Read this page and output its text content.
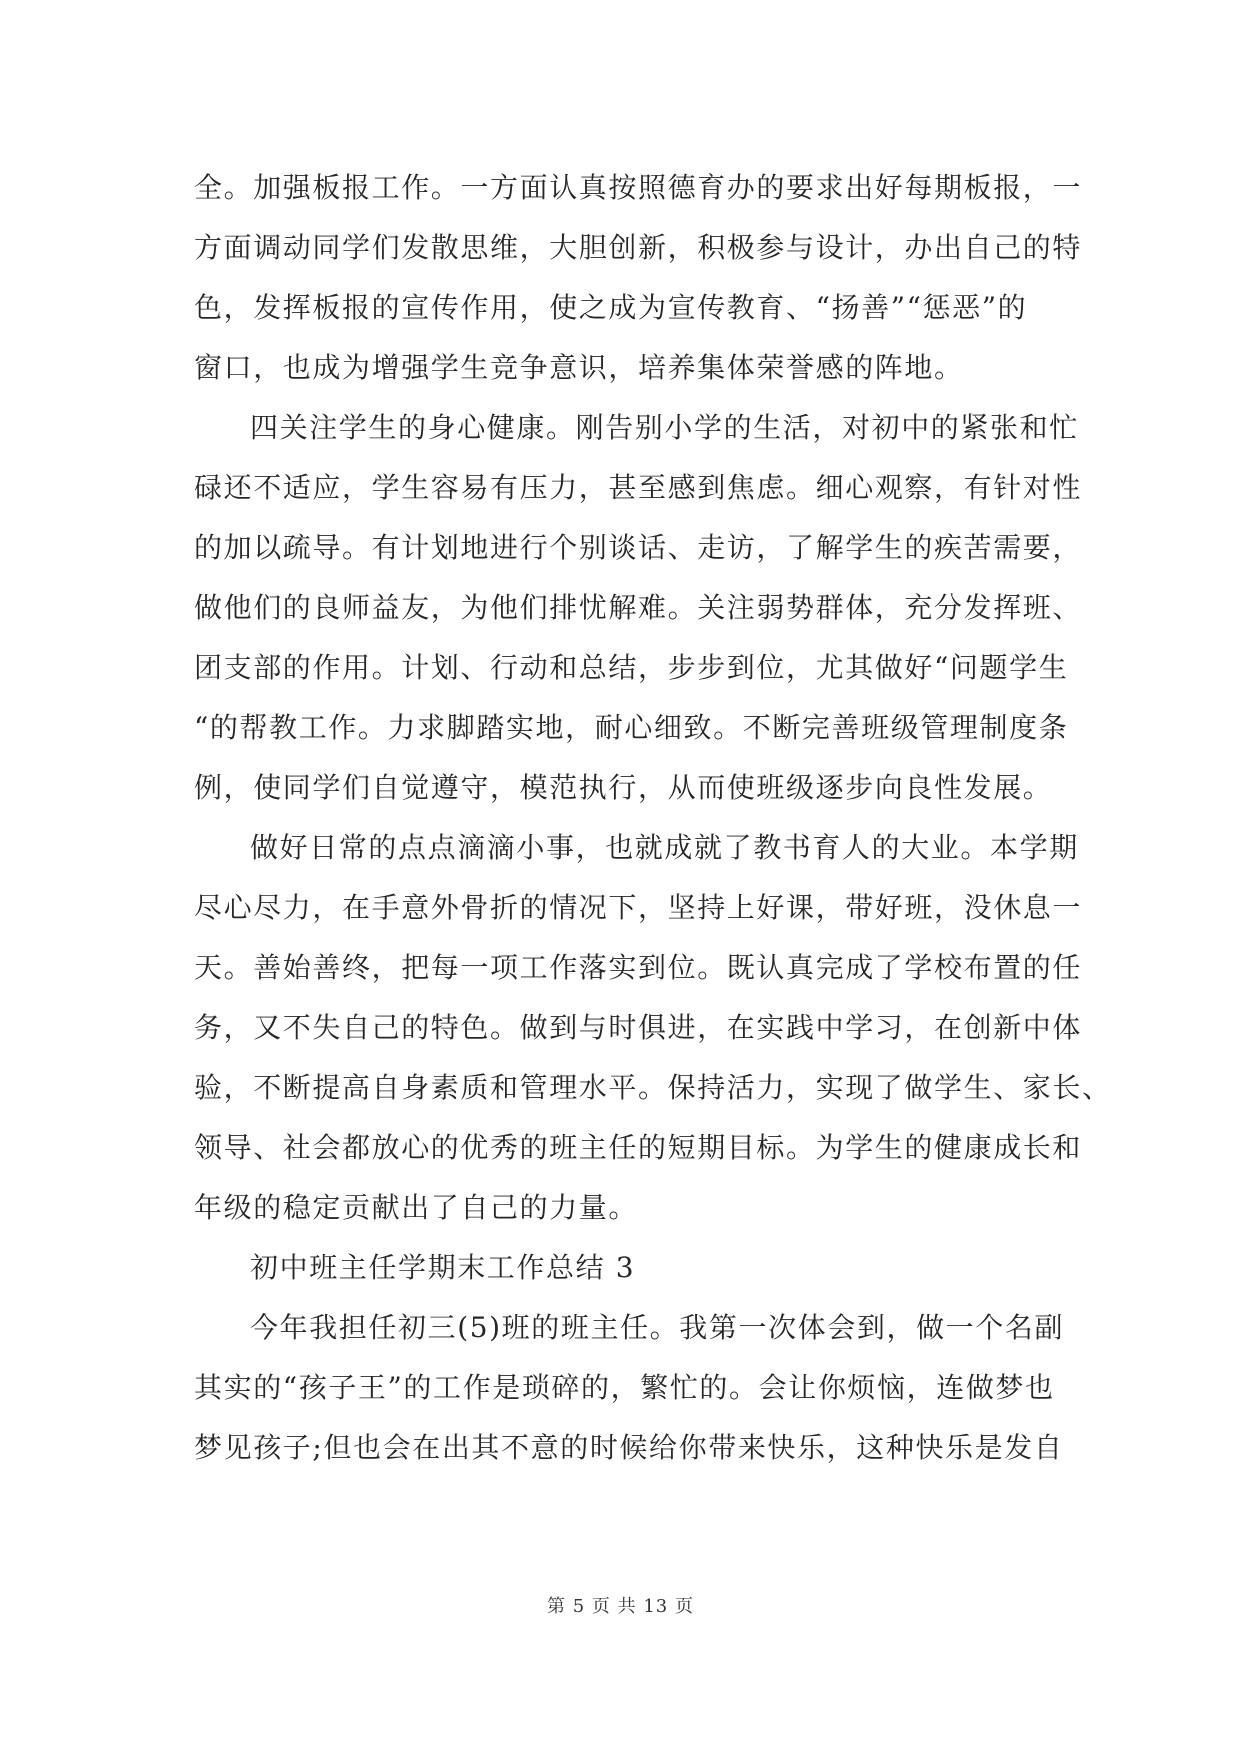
全。加强板报工作。一方面认真按照德育办的要求出好每期板报，一
方面调动同学们发散思维，大胆创新，积极参与设计，办出自己的特
色，发挥板报的宣传作用，使之成为宣传教育、“扬善”“惩恶”的
窗口，也成为增强学生竞争意识，培养集体荣誉感的阵地。
四关注学生的身心健康。刚告别小学的生活，对初中的紧张和忙
碌还不适应，学生容易有压力，甚至感到焦虑。细心观察，有针对性
的加以疏导。有计划地进行个别谈话、走访，了解学生的疾苦需要，
做他们的良师益友，为他们排忧解难。关注弱势群体，充分发挥班、
团支部的作用。计划、行动和总结，步步到位，尤其做好“问题学生
“的帮教工作。力求脚踏实地，耐心细致。不断完善班级管理制度条
例，使同学们自觉遵守，模范执行，从而使班级逐步向良性发展。
做好日常的点点滴滴小事，也就成就了教书育人的大业。本学期
尽心尽力，在手意外骨折的情况下，坚持上好课，带好班，没休息一
天。善始善终，把每一项工作落实到位。既认真完成了学校布置的任
务，又不失自己的特色。做到与时俱进，在实践中学习，在创新中体
验，不断提高自身素质和管理水平。保持活力，实现了做学生、家长、
领导、社会都放心的优秀的班主任的短期目标。为学生的健康成长和
年级的稳定贡献出了自己的力量。
初中班主任学期末工作总结 3
今年我担任初三(5)班的班主任。我第一次体会到，做一个名副
其实的“孩子王”的工作是琐碎的，繁忙的。会让你烦恼，连做梦也
梦见孩子;但也会在出其不意的时候给你带来快乐，这种快乐是发自
第 5 页 共 13 页
